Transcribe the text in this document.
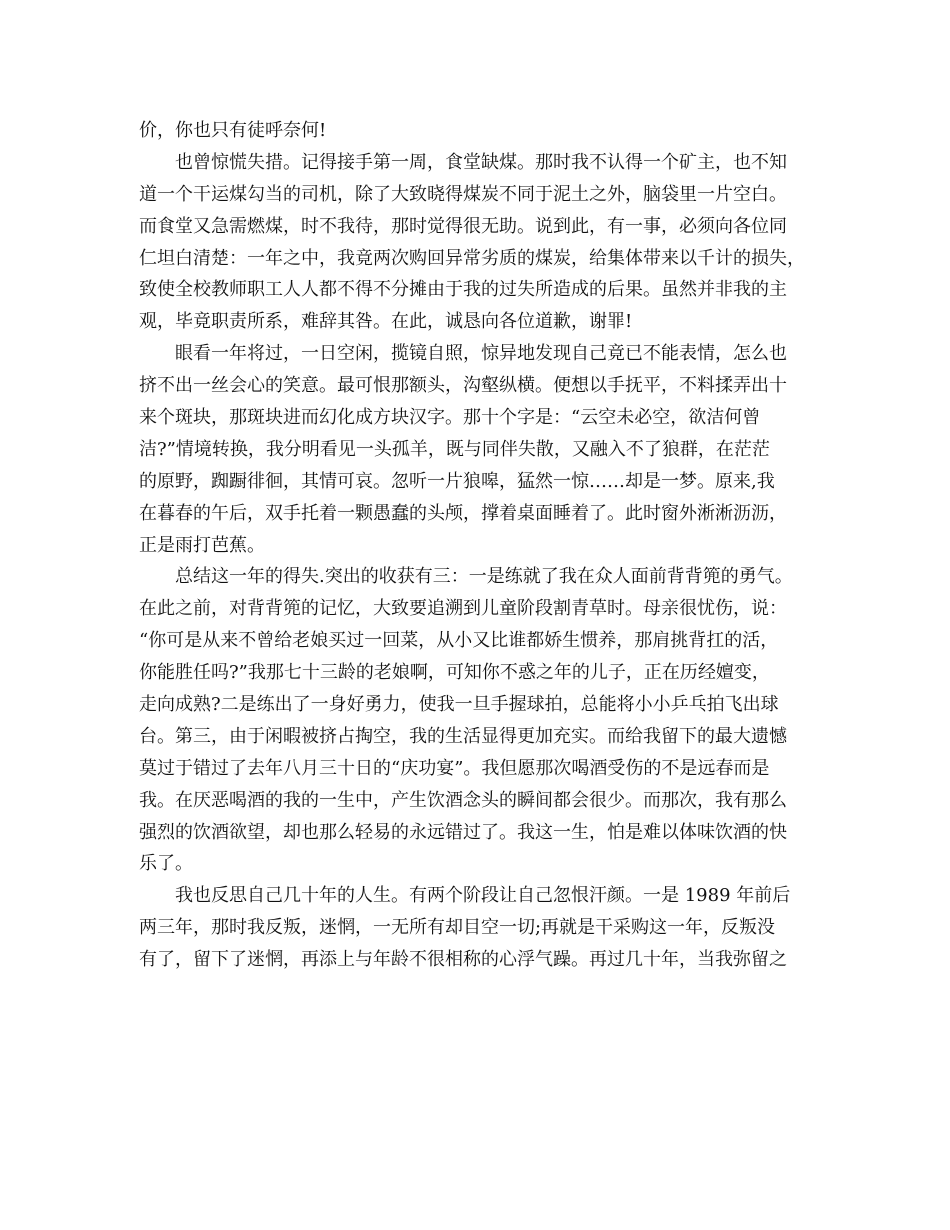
价，你也只有徒呼奈何!
也曾惊慌失措。记得接手第一周，食堂缺煤。那时我不认得一个矿主，也不知
道一个干运煤勾当的司机，除了大致晓得煤炭不同于泥土之外，脑袋里一片空白。
而食堂又急需燃煤，时不我待，那时觉得很无助。说到此，有一事，必须向各位同
仁坦白清楚：一年之中，我竟两次购回异常劣质的煤炭，给集体带来以千计的损失，
致使全校教师职工人人都不得不分摊由于我的过失所造成的后果。虽然并非我的主
观，毕竟职责所系，难辞其咎。在此，诚恳向各位道歉，谢罪!
眼看一年将过，一日空闲，揽镜自照，惊异地发现自己竟已不能表情，怎么也
挤不出一丝会心的笑意。最可恨那额头，沟壑纵横。便想以手抚平，不料揉弄出十
来个斑块，那斑块进而幻化成方块汉字。那十个字是：“云空未必空，欲洁何曾
洁?”情境转换，我分明看见一头孤羊，既与同伴失散，又融入不了狼群，在茫茫
的原野，踟蹰徘徊，其情可哀。忽听一片狼嗥，猛然一惊……却是一梦。原来,我
在暮春的午后，双手托着一颗愚蠢的头颅，撑着桌面睡着了。此时窗外淅淅沥沥，
正是雨打芭蕉。
总结这一年的得失.突出的收获有三：一是练就了我在众人面前背背篼的勇气。
在此之前，对背背篼的记忆，大致要追溯到儿童阶段割青草时。母亲很忧伤，说：
“你可是从来不曾给老娘买过一回菜，从小又比谁都娇生惯养，那肩挑背扛的活，
你能胜任吗?”我那七十三龄的老娘啊，可知你不惑之年的儿子，正在历经嬗变，
走向成熟?二是练出了一身好勇力，使我一旦手握球拍，总能将小小乒乓拍飞出球
台。第三，由于闲暇被挤占掏空，我的生活显得更加充实。而给我留下的最大遗憾
莫过于错过了去年八月三十日的“庆功宴”。我但愿那次喝酒受伤的不是远春而是
我。在厌恶喝酒的我的一生中，产生饮酒念头的瞬间都会很少。而那次，我有那么
强烈的饮酒欲望，却也那么轻易的永远错过了。我这一生，怕是难以体味饮酒的快
乐了。
我也反思自己几十年的人生。有两个阶段让自己忽恨汗颜。一是 1989 年前后
两三年，那时我反叛，迷惘，一无所有却目空一切;再就是干采购这一年，反叛没
有了，留下了迷惘，再添上与年龄不很相称的心浮气躁。再过几十年，当我弥留之
